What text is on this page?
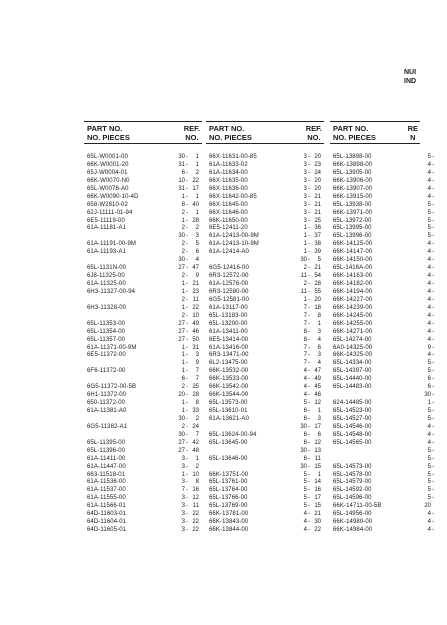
NUI
IND
PART NO.
NO. PIECES
REF.
NO.
65L-W0001-00	30- 1
66K-W0001-20	31- 1
65J-W0004-01	6- 2
66K-W0070-N0	10- 22
65L-W0078-A0	31- 17
66K-W0090-10-4D	1- 1
658-W2810-02	8- 40
62J-11111-01-94	2- 1
6E5-11119-00	1- 28
61A-11181-A1	2- 2
30- 3
61A-11191-00-9M	2- 5
61A-11193-A1	2- 6
30- 4
65L-1131N-00	27- 47
6J8-11325-00	2- 9
61A-11325-00	1- 21
6H3-11327-00-94	1- 23
2- 11
6H3-11328-00	1- 22
2- 10
65L-11353-00	27- 49
65L-11354-00	27- 46
65L-11357-00	27- 50
61A-11371-00-9M	1- 31
6E5-11372-00	1- 3
1- 9
6F6-11372-00	1- 7
6- 7
6G5-11372-00-5B	2- 25
6H1-11372-00	20- 28
650-11372-00	1- 8
61A-11381-A0	1- 33
30- 2
6G5-11382-A1	2- 24
30- 7
65L-11395-00	27- 42
65L-11396-00	27- 48
61A-11411-00	3- 1
61A-11447-00	3- 2
663-11518-01	1- 10
61A-11536-00	3- 8
61A-11537-00	7- 16
61A-11555-00	3- 12
61A-11566-01	3- 11
64D-11603-01	3- 22
64D-11604-01	3- 22
64D-11605-01	3- 22
PART NO.
NO. PIECES
REF.
NO.
66X-11631-00-85	3- 20
61A-11633-02	3- 23
61A-11634-00	3- 24
66X-11635-00	3- 20
66X-11636-00	3- 20
66X-11642-00-85	3- 21
66X-11645-00	3- 21
66X-11646-00	3- 21
66K-11650-00	3- 25
6E5-12411-20	1- 36
61A-12413-00-9M	1- 37
61A-12413-10-9M	1- 38
61A-12414-A0	1- 39
30- 5
6G5-12416-00	2- 21
6R3-12572-00	11- 54
61A-12576-00	2- 28
6R3-12580-00	11- 55
6G5-12581-00	1- 20
61A-13117-00	7- 18
65L-13183-00	7- 8
65L-13200-00	7- 1
61A-13411-00	8- 3
6E5-13414-00	8- 4
61A-13416-00	7- 6
6R3-13471-00	7- 3
6L2-13475-00	7- 4
66K-13532-00	4- 47
66K-13533-00	4- 49
66K-13542-00	4- 45
66K-13544-00	4- 46
65L-13573-00	5- 12
65L-13610-01	6- 1
61A-13621-A0	6- 3
30- 17
65L-13624-00-94	6- 6
65L-13645-00	6- 12
30- 13
65L-13646-00	6- 11
30- 15
66K-13751-00	5- 1
65L-13761-00	5- 14
65L-13764-00	5- 16
65L-13766-00	5- 17
65L-13769-00	5- 15
66K-13781-00	4- 21
66K-13843-00	4- 30
66K-13844-00	4- 22
PART NO.
NO. PIECES
RE
N
65L-13898-00	5-
66K-13898-00	4-
65L-13905-00	4-
66K-13906-00	4-
66K-13907-00	4-
66K-13915-00	4-
65L-13938-00	5-
66K-13971-00	5-
65L-13972-00	5-
65L-13995-00	5-
65L-13996-00	5-
66K-14125-00	4-
66K-14147-00	4-
66K-14150-00	4-
65L-1416A-00	4-
66K-14163-00	4-
66K-14182-00	4-
66K-14194-00	4-
66K-14227-00	4-
66K-14239-00	4-
66K-14245-00	4-
66K-14255-00	4-
66K-14271-00	4-
65L-14274-00	4-
6A0-14325-00	9-
66K-14325-00	4-
65L-14334-00	5-
65L-14397-00	5-
65L-14440-00	6-
65L-14483-00	6-
30-
624-14485-00	1-
65L-14523-00	5-
65L-14527-00	5-
65L-14546-00	4-
65L-14548-00	4-
65L-14565-00	4-
5-
5-
65L-14573-00	5-
65L-14578-00	5-
65L-14579-00	5-
65L-14592-00	5-
65L-14596-00	5-
66K-14711-00-5B	20
65L-14956-00	4-
66K-14980-00	4-
66K-14984-00	4-
